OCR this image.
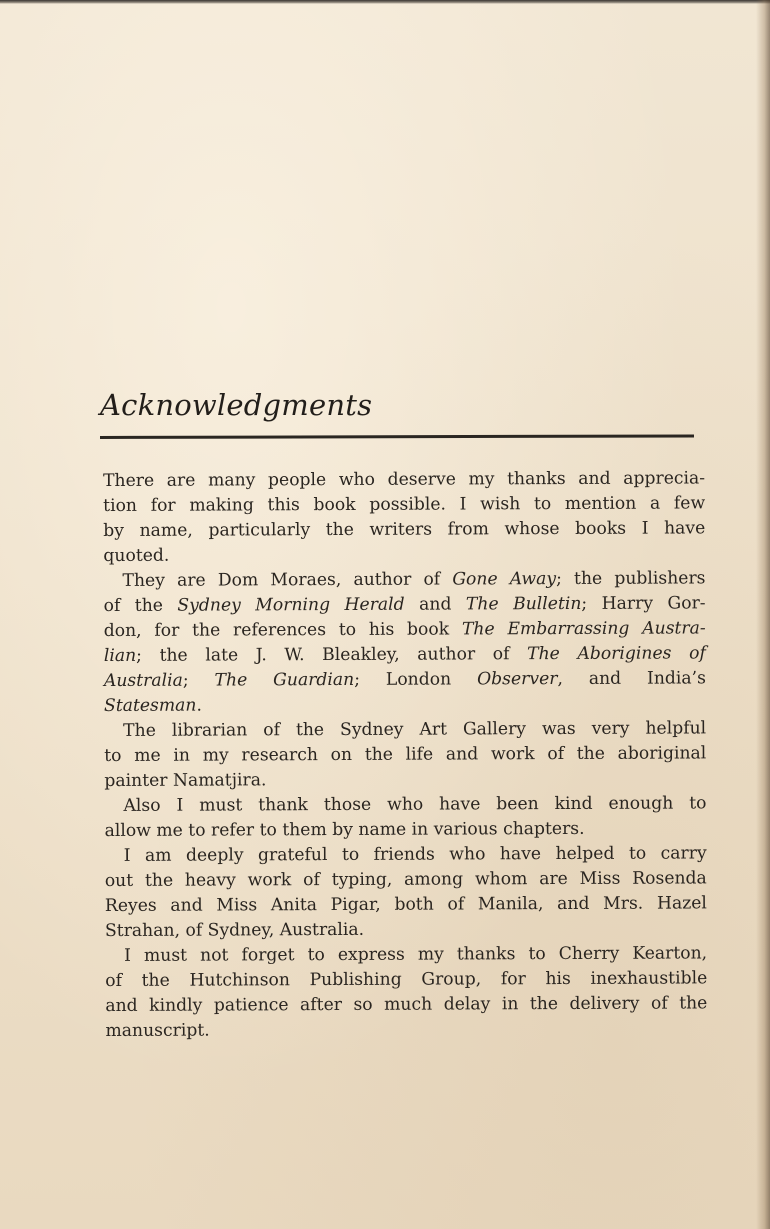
Acknowledgments

There are many people who deserve my thanks and apprecia-
tion for making this book possible. I wish to mention a few
by name, particularly the writers from whose books I have
quoted.

They are Dom Moraes, author of Gone Away; the publishers
of the Sydney Morning Herald and The Bulletin; Harry Gor-
don, for the references to his book The Embarrassing Austra-
lian; the late J. W. Bleakley, author of The Aborigines of
Australia; The Guardian; London Observer, and India’s
Statesman.

The librarian of the Sydney Art Gallery was very helpful
to me in my research on the life and work of the aboriginal
painter Namatjira.

Also I must thank those who have been kind enough to
allow me to refer to them by name in various chapters.

I am deeply grateful to friends who have helped to carry
out the heavy work of typing, among whom are Miss Rosenda
Reyes and Miss Anita Pigar, both of Manila, and Mrs. Hazel
Strahan, of Sydney, Australia.

I must not forget to express my thanks to Cherry Kearton,
of the Hutchinson Publishing Group, for his inexhaustible
and kindly patience after so much delay in the delivery of the
manuscript.
